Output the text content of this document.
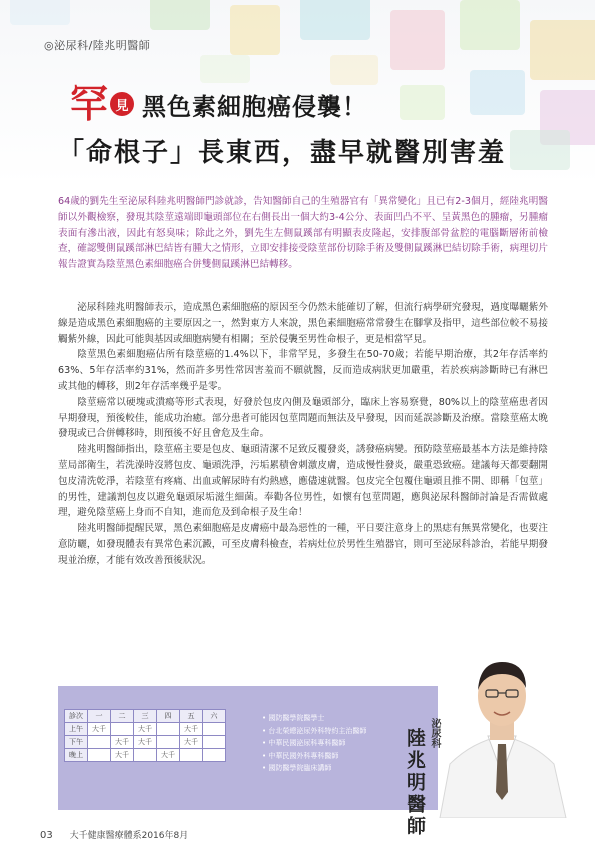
◎泌尿科/陸兆明醫師
罕 見 黑色素細胞癌侵襲！
「命根子」長東西，盡早就醫別害羞
64歲的劉先生至泌尿科陸兆明醫師門診就診，告知醫師自己的生殖器官有「異常變化」且已有2-3個月，經陸兆明醫師以外觀檢察，發現其陰莖遠端即龜頭部位在右側長出一個大約3-4公分、表面凹凸不平、呈黃黑色的腫瘤，另腫瘤表面有滲出液，因此有怒臭味；除此之外，劉先生左側鼠蹊部有明顯表皮隆起，安排腹部骨盆腔的電腦斷層術前檢查，確認雙側鼠蹊部淋巴結皆有腫大之情形，立即安排接受陰莖部份切除手術及雙側鼠蹊淋巴結切除手術，病理切片報告證實為陰莖黑色素細胞癌合併雙側鼠蹊淋巴結轉移。

泌尿科陸兆明醫師表示，造成黑色素細胞癌的原因至今仍然未能確切了解，但流行病學研究發現，過度曝曬紫外線是造成黑色素細胞癌的主要原因之一，然對東方人來說，黑色素細胞癌常常發生在腳掌及指甲，這些部位較不易接觸紫外線，因此可能與基因或細胞病變有相關；至於侵襲至男性命根子，更是相當罕見。

陰莖黑色素細胞癌佔所有陰莖癌的1.4%以下，非常罕見，多發生在50-70歲；若能早期治療，其2年存活率約63%、5年存活率約31%，然而許多男性常因害羞而不願就醫，反而造成病狀更加嚴重，若於疾病診斷時已有淋巴或其他的轉移，則2年存活率幾乎是零。

陰莖癌常以硬塊或潰瘍等形式表現，好發於包皮內側及龜頭部分，臨床上容易察覺，80%以上的陰莖癌患者因早期發現，預後較佳，能成功治癒。部分患者可能因包莖問題而無法及早發現，因而延誤診斷及治療。當陰莖癌太晚發現或已合併轉移時，則預後不好且會危及生命。

陸兆明醫師指出，陰莖癌主要是包皮、龜頭清潔不足致反覆發炎，誘發癌病變。預防陰莖癌最基本方法是維持陰莖局部衛生，若洗澡時沒將包皮、龜頭洗淨，污垢累積會刺激皮膚，造成慢性發炎，嚴重恐致癌。建議每天都要翻開包皮清洗乾淨，若陰莖有疼痛、出血或解尿時有灼熱感，應儘速就醫。包皮完全包覆住龜頭且推不開、即稱「包莖」的男性，建議割包皮以避免龜頭尿垢滋生細菌。奉勸各位男性，如懷有包莖問題，應與泌尿科醫師討論是否需做處理，避免陰莖癌上身而不自知，進而危及到命根子及生命！

陸兆明醫師提醒民眾，黑色素細胞癌是皮膚癌中最為惡性的一種，平日要注意身上的黑痣有無異常變化，也要注意防曬，如發現體表有異常色素沉澱，可至皮膚科檢查，若病灶位於男性生殖器官，則可至泌尿科診治，若能早期發現並治療，才能有效改善預後狀況。

診次	一	二	三	四	五	六
上午	大千		大千		大千	
下午		大千	大千		大千	
晚上		大千		大千		
• 國防醫學院醫學士
• 台北榮總泌尿外科特約主治醫師
• 中華民國泌尿科專科醫師
• 中華民國外科專科醫師
• 國防醫學院臨床講師
泌尿科
陸兆明醫師
03 大千健康醫療體系2016年8月
